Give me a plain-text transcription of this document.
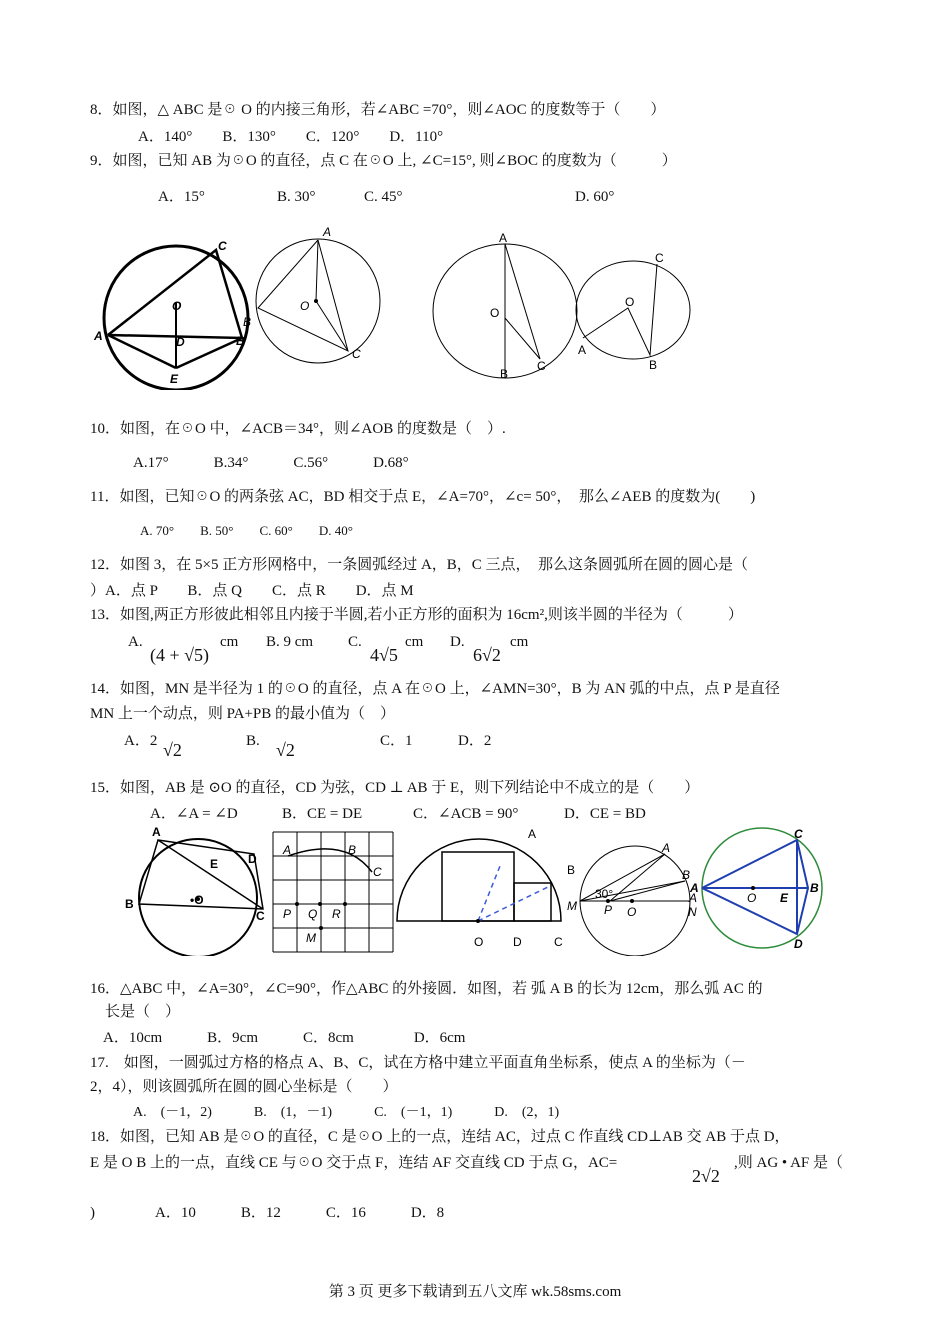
8．如图，△ ABC 是☉ O 的内接三角形，若∠ABC =70°，则∠AOC 的度数等于（　　）
A．140°　　B．130°　　C．120°　　D．110°
9．如图，已知 AB 为☉O 的直径，点 C 在☉O 上, ∠C=15°, 则∠BOC 的度数为（　　　）
A．15°	B. 30°	C. 45°	D. 60°
C
O
A	D	B
E
A
O
B
C
A
O
B
C
C
O
A
B
10．如图，在☉O 中，∠ACB＝34°，则∠AOB 的度数是（　）.
A.17°　　　B.34°　　　C.56°　　　D.68°
11．如图，已知☉O 的两条弦 AC，BD 相交于点 E，∠A=70°，∠c= 50°，　那么∠AEB 的度数为(　　)
A. 70°　　B. 50°　　C. 60°　　D. 40°
12．如图 3，在 5×5 正方形网格中，一条圆弧经过 A，B，C 三点，　那么这条圆弧所在圆的圆心是（
）A．点 P　　B．点 Q　　C．点 R　　D．点 M
13．如图,两正方形彼此相邻且内接于半圆,若小正方形的面积为 16cm²,则该半圆的半径为（　　　）
A.
(4 + √5)
cm B. 9 cm C.
4√5
cm D.
6√2
cm
14．如图，MN 是半径为 1 的☉O 的直径，点 A 在☉O 上，∠AMN=30°，B 为 AN 弧的中点，点 P 是直径
MN 上一个动点，则 PA+PB 的最小值为（　）
A．2 √2	B. √2	C．1	D．2
15．如图，AB 是 ⊙O 的直径，CD 为弦，CD ⊥ AB 于 E，则下列结论中不成立的是（　　）
A．∠A = ∠D	B．CE = DE	C．∠ACB = 90°	D．CE = BD
A
D
E
B	•O
C
A	B
C
P Q R
M
A
O D	C
B
A
B
A
N
M
30°
P O
C
B
A
O E
D
16．△ABC 中，∠A=30°，∠C=90°，作△ABC 的外接圆．如图，若 弧 A B 的长为 12cm，那么弧 AC 的
长是（　）
A．10cm　　　B．9cm　　　C．8cm　　　　D．6cm
17.　如图，一圆弧过方格的格点 A、B、C，试在方格中建立平面直角坐标系，使点 A 的坐标为（－
2，4），则该圆弧所在圆的圆心坐标是（　　）
A.　(－1，2)　　　B.　(1，－1)　　　C.　(－1，1)　　　D.　(2，1)
18．如图，已知 AB 是☉O 的直径，C 是☉O 上的一点，连结 AC，过点 C 作直线 CD⊥AB 交 AB 于点 D，
E 是 O B 上的一点，直线 CE 与☉O 交于点 F，连结 AF 交直线 CD 于点 G，AC=
2√2
,则 AG • AF 是（
)　　　　A．10　　　B．12　　　C．16　　　D．8
第 3 页 更多下载请到五八文库 wk.58sms.com
